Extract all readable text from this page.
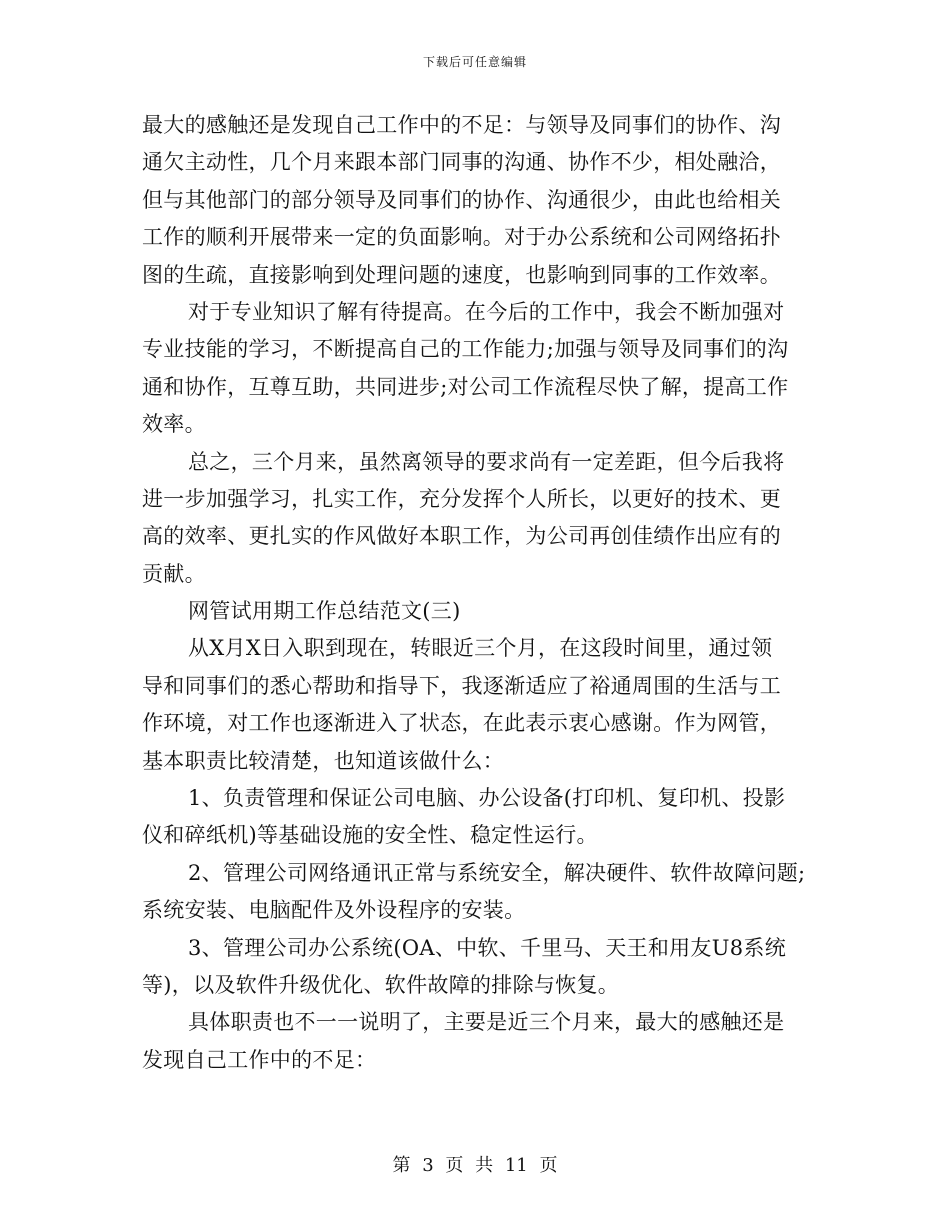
下载后可任意编辑
最大的感触还是发现自己工作中的不足：与领导及同事们的协作、沟
通欠主动性，几个月来跟本部门同事的沟通、协作不少，相处融洽，
但与其他部门的部分领导及同事们的协作、沟通很少，由此也给相关
工作的顺利开展带来一定的负面影响。对于办公系统和公司网络拓扑
图的生疏，直接影响到处理问题的速度，也影响到同事的工作效率。
对于专业知识了解有待提高。在今后的工作中，我会不断加强对
专业技能的学习，不断提高自己的工作能力;加强与领导及同事们的沟
通和协作，互尊互助，共同进步;对公司工作流程尽快了解，提高工作
效率。
总之，三个月来，虽然离领导的要求尚有一定差距，但今后我将
进一步加强学习，扎实工作，充分发挥个人所长，以更好的技术、更
高的效率、更扎实的作风做好本职工作，为公司再创佳绩作出应有的
贡献。
网管试用期工作总结范文(三)
从X月X日入职到现在，转眼近三个月，在这段时间里，通过领
导和同事们的悉心帮助和指导下，我逐渐适应了裕通周围的生活与工
作环境，对工作也逐渐进入了状态，在此表示衷心感谢。作为网管，
基本职责比较清楚，也知道该做什么：
1、负责管理和保证公司电脑、办公设备(打印机、复印机、投影
仪和碎纸机)等基础设施的安全性、稳定性运行。
2、管理公司网络通讯正常与系统安全，解决硬件、软件故障问题;
系统安装、电脑配件及外设程序的安装。
3、管理公司办公系统(OA、中软、千里马、天王和用友U8系统
等)，以及软件升级优化、软件故障的排除与恢复。
具体职责也不一一说明了，主要是近三个月来，最大的感触还是
发现自己工作中的不足：
第 3 页 共 11 页
